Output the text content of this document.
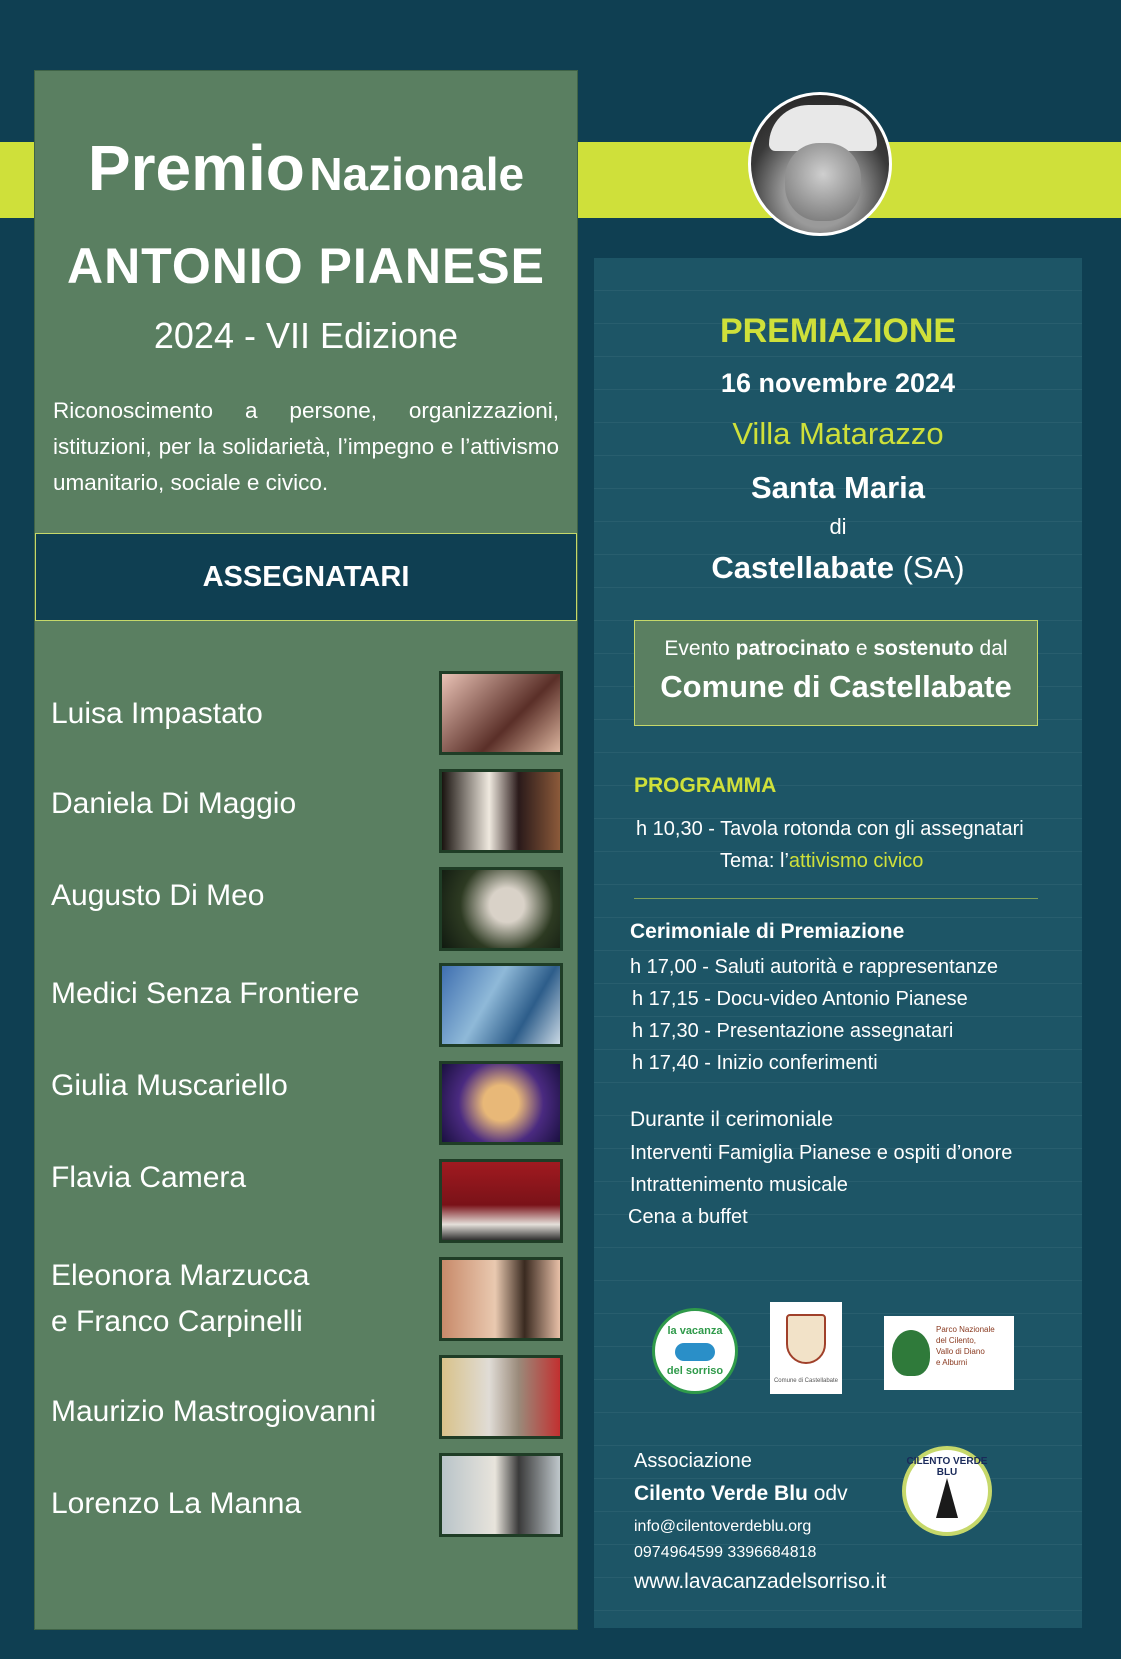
Premio Nazionale
ANTONIO PIANESE
2024 - VII Edizione
Riconoscimento a persone, organizzazioni, istituzioni, per la solidarietà, l’impegno e l’attivismo umanitario, sociale e civico.
ASSEGNATARI
Luisa Impastato
Daniela Di Maggio
Augusto Di Meo
Medici Senza Frontiere
Giulia Muscariello
Flavia Camera
Eleonora Marzucca
e Franco Carpinelli
Maurizio Mastrogiovanni
Lorenzo La Manna
PREMIAZIONE
16 novembre 2024
Villa Matarazzo
Santa Maria
di
Castellabate (SA)
Evento patrocinato e sostenuto dal
Comune di Castellabate
PROGRAMMA
h 10,30 - Tavola rotonda con gli assegnatari
Tema: l’attivismo civico
Cerimoniale di Premiazione
h 17,00 - Saluti autorità e rappresentanze
h 17,15 - Docu-video Antonio Pianese
h 17,30 - Presentazione assegnatari
h 17,40 - Inizio conferimenti
Durante il cerimoniale
Interventi Famiglia Pianese e ospiti d’onore
Intrattenimento musicale
Cena a buffet
la vacanza
del sorriso
Comune di Castellabate
Parco Nazionale
del Cilento,
Vallo di Diano
e Alburni
Associazione
Cilento Verde Blu odv
info@cilentoverdeblu.org
0974964599 3396684818
www.lavacanzadelsorriso.it
CILENTO VERDE BLU
